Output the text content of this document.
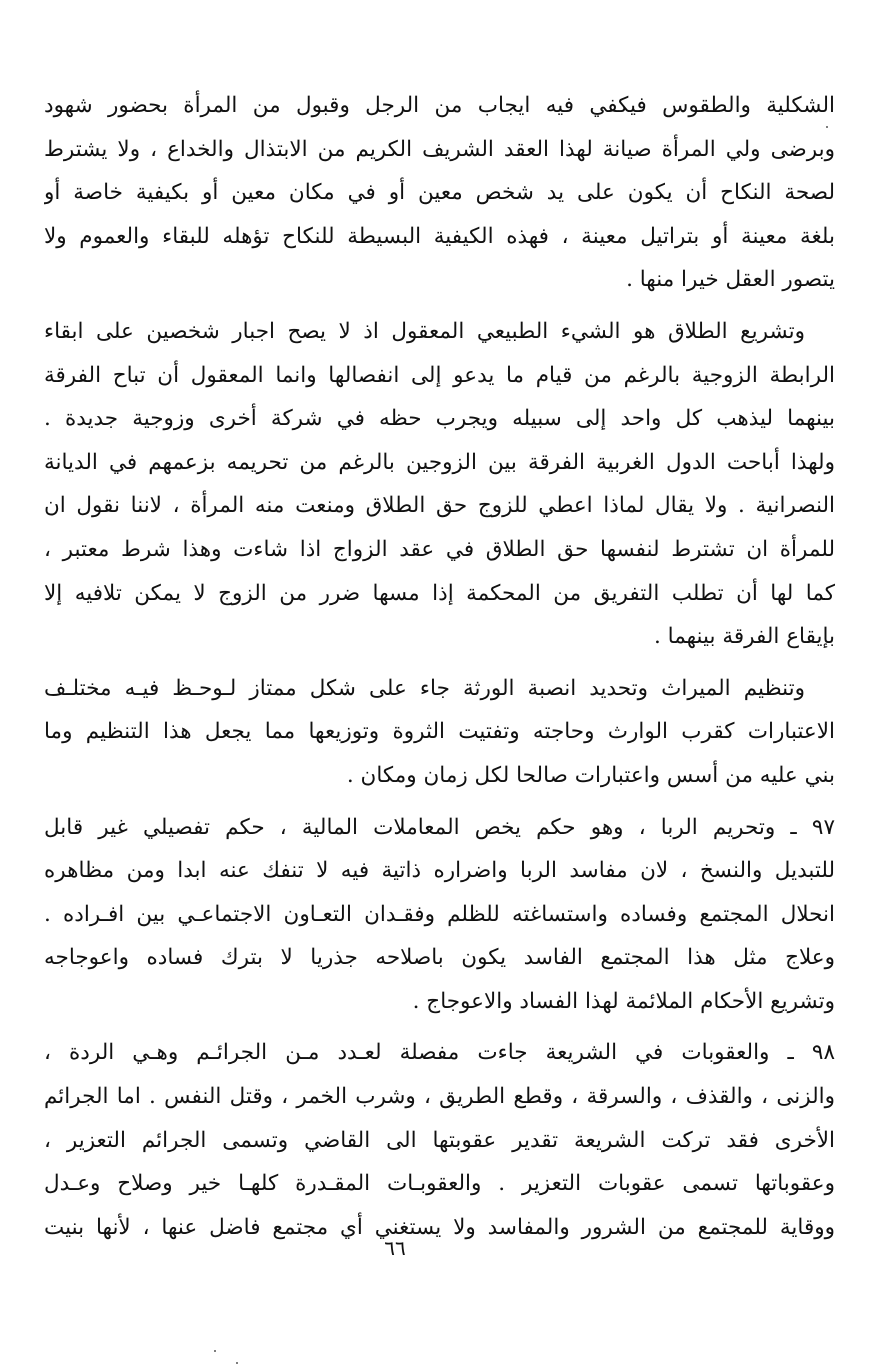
الشكلية والطقوس فيكفي فيه ايجاب من الرجل وقبول من المرأة بحضور شهود
وبرضى ولي المرأة صيانة لهذا العقد الشريف الكريم من الابتذال والخداع ، ولا يشترط
لصحة النكاح أن يكون على يد شخص معين أو في مكان معين أو بكيفية خاصة أو
بلغة معينة أو بتراتيل معينة ، فهذه الكيفية البسيطة للنكاح تؤهله للبقاء والعموم ولا
يتصور العقل خيرا منها .
وتشريع الطلاق هو الشيء الطبيعي المعقول اذ لا يصح اجبار شخصين على ابقاء
الرابطة الزوجية بالرغم من قيام ما يدعو إلى انفصالها وانما المعقول أن تباح الفرقة
بينهما ليذهب كل واحد إلى سبيله ويجرب حظه في شركة أخرى وزوجية جديدة .
ولهذا أباحت الدول الغربية الفرقة بين الزوجين بالرغم من تحريمه بزعمهم في الديانة
النصرانية . ولا يقال لماذا اعطي للزوج حق الطلاق ومنعت منه المرأة ، لاننا نقول ان
للمرأة ان تشترط لنفسها حق الطلاق في عقد الزواج اذا شاءت وهذا شرط معتبر ،
كما لها أن تطلب التفريق من المحكمة إذا مسها ضرر من الزوج لا يمكن تلافيه إلا
بإيقاع الفرقة بينهما .
وتنظيم الميراث وتحديد انصبة الورثة جاء على شكل ممتاز لـوحـظ فيـه مختلـف
الاعتبارات كقرب الوارث وحاجته وتفتيت الثروة وتوزيعها مما يجعل هذا التنظيم وما
بني عليه من أسس واعتبارات صالحا لكل زمان ومكان .
٩٧ ـ وتحريم الربا ، وهو حكم يخص المعاملات المالية ، حكم تفصيلي غير قابل
للتبديل والنسخ ، لان مفاسد الربا واضراره ذاتية فيه لا تنفك عنه ابدا ومن مظاهره
انحلال المجتمع وفساده واستساغته للظلم وفقـدان التعـاون الاجتماعـي بين افـراده .
وعلاج مثل هذا المجتمع الفاسد يكون باصلاحه جذريا لا بترك فساده واعوجاجه
وتشريع الأحكام الملائمة لهذا الفساد والاعوجاج .
٩٨ ـ والعقوبات في الشريعة جاءت مفصلة لعـدد مـن الجرائـم وهـي الردة ،
والزنى ، والقذف ، والسرقة ، وقطع الطريق ، وشرب الخمر ، وقتل النفس . اما الجرائم
الأخرى فقد تركت الشريعة تقدير عقوبتها الى القاضي وتسمى الجرائم التعزير ،
وعقوباتها تسمى عقوبات التعزير . والعقوبـات المقـدرة كلهـا خير وصلاح وعـدل
ووقاية للمجتمع من الشرور والمفاسد ولا يستغني أي مجتمع فاضل عنها ، لأنها بنيت
٦٦
